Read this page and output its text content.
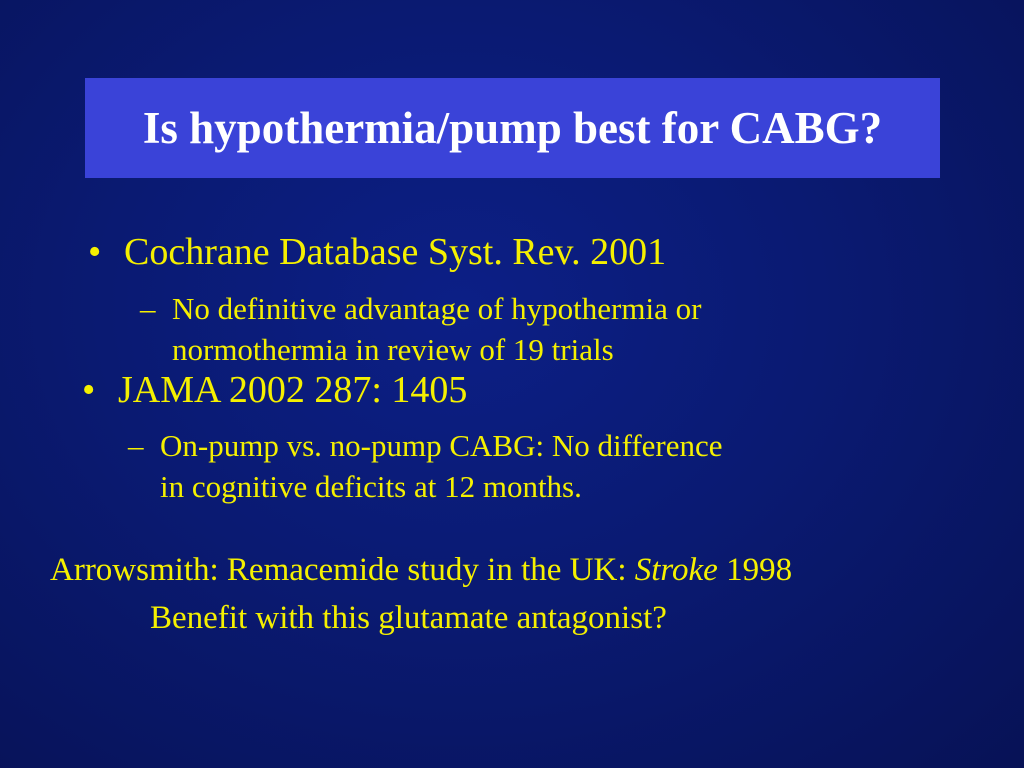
Is hypothermia/pump best for CABG?
• Cochrane Database Syst. Rev. 2001
– No definitive advantage of hypothermia or
normothermia in review of 19 trials
• JAMA 2002 287: 1405
– On-pump vs. no-pump CABG: No difference
in cognitive deficits at 12 months.
Arrowsmith: Remacemide study in the UK: Stroke 1998
Benefit with this glutamate antagonist?
